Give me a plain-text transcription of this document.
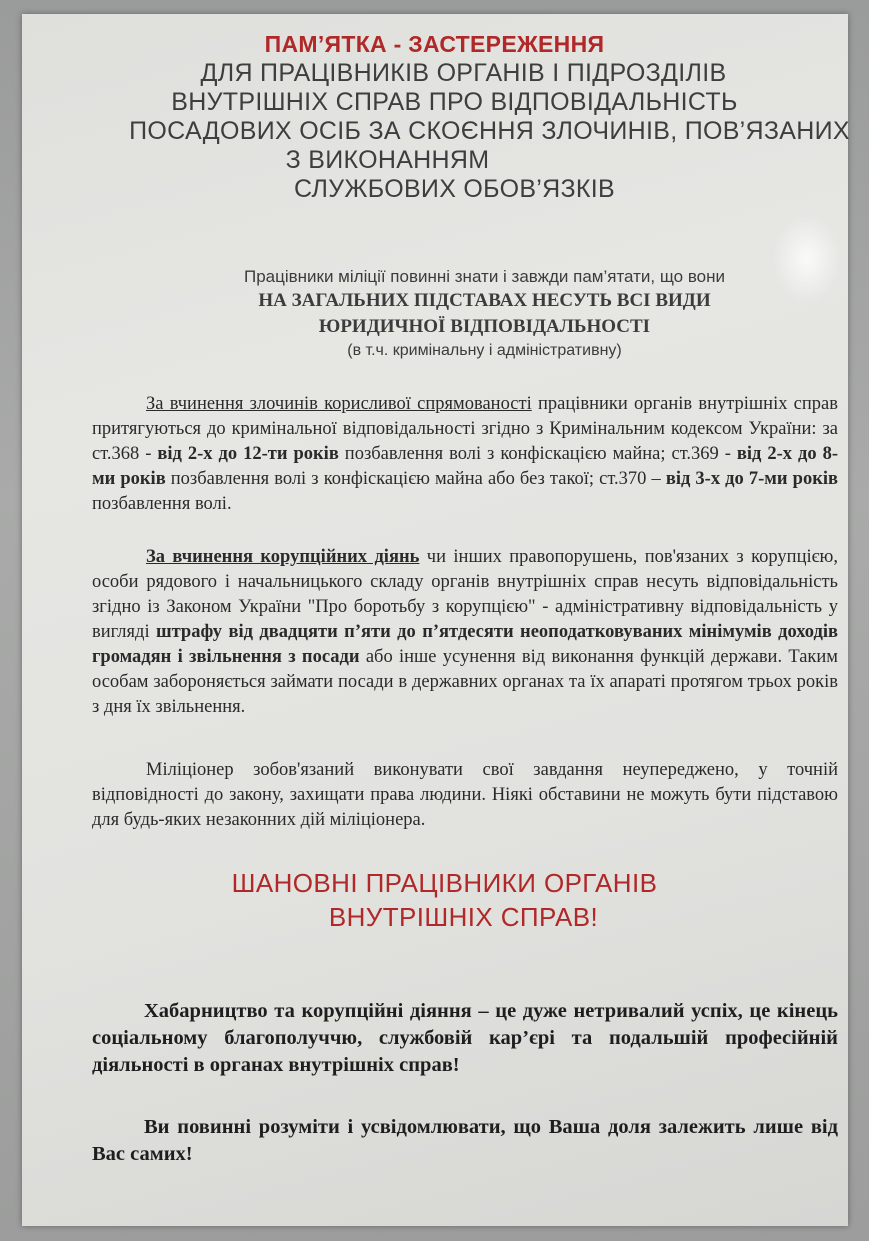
ПАМ’ЯТКА - ЗАСТЕРЕЖЕННЯ
ДЛЯ ПРАЦІВНИКІВ ОРГАНІВ І ПІДРОЗДІЛІВ
ВНУТРІШНІХ СПРАВ ПРО ВІДПОВІДАЛЬНІСТЬ
ПОСАДОВИХ ОСІБ ЗА СКОЄННЯ ЗЛОЧИНІВ, ПОВ’ЯЗАНИХ
З ВИКОНАННЯМ
СЛУЖБОВИХ ОБОВ’ЯЗКІВ
Працівники міліції повинні знати і завжди пам’ятати, що вони
НА ЗАГАЛЬНИХ ПІДСТАВАХ НЕСУТЬ ВСІ ВИДИ
ЮРИДИЧНОЇ ВІДПОВІДАЛЬНОСТІ
(в т.ч. кримінальну і адміністративну)
За вчинення злочинів корисливої спрямованості працівники органів внутрішніх справ притягуються до кримінальної відповідальності згідно з Кримінальним кодексом України: за ст.368 - від 2-х до 12-ти років позбавлення волі з конфіскацією майна; ст.369 - від 2-х до 8-ми років позбавлення волі з конфіскацією майна або без такої; ст.370 – від 3-х до 7-ми років позбавлення волі.
За вчинення корупційних діянь чи інших правопорушень, пов'язаних з корупцією, особи рядового і начальницького складу органів внутрішніх справ несуть відповідальність згідно із Законом України "Про боротьбу з корупцією" - адміністративну відповідальність у вигляді штрафу від двадцяти п’яти до п’ятдесяти неоподатковуваних мінімумів доходів громадян і звільнення з посади або інше усунення від виконання функцій держави. Таким особам забороняється займати посади в державних органах та їх апараті протягом трьох років з дня їх звільнення.
Міліціонер зобов'язаний виконувати свої завдання неупереджено, у точній відповідності до закону, захищати права людини. Ніякі обставини не можуть бути підставою для будь-яких незаконних дій міліціонера.
ШАНОВНІ ПРАЦІВНИКИ ОРГАНІВ
ВНУТРІШНІХ СПРАВ!
Хабарництво та корупційні діяння – це дуже нетривалий успіх, це кінець соціальному благополуччю, службовій кар’єрі та подальшій професійній діяльності в органах внутрішніх справ!
Ви повинні розуміти і усвідомлювати, що Ваша доля залежить лише від Вас самих!
